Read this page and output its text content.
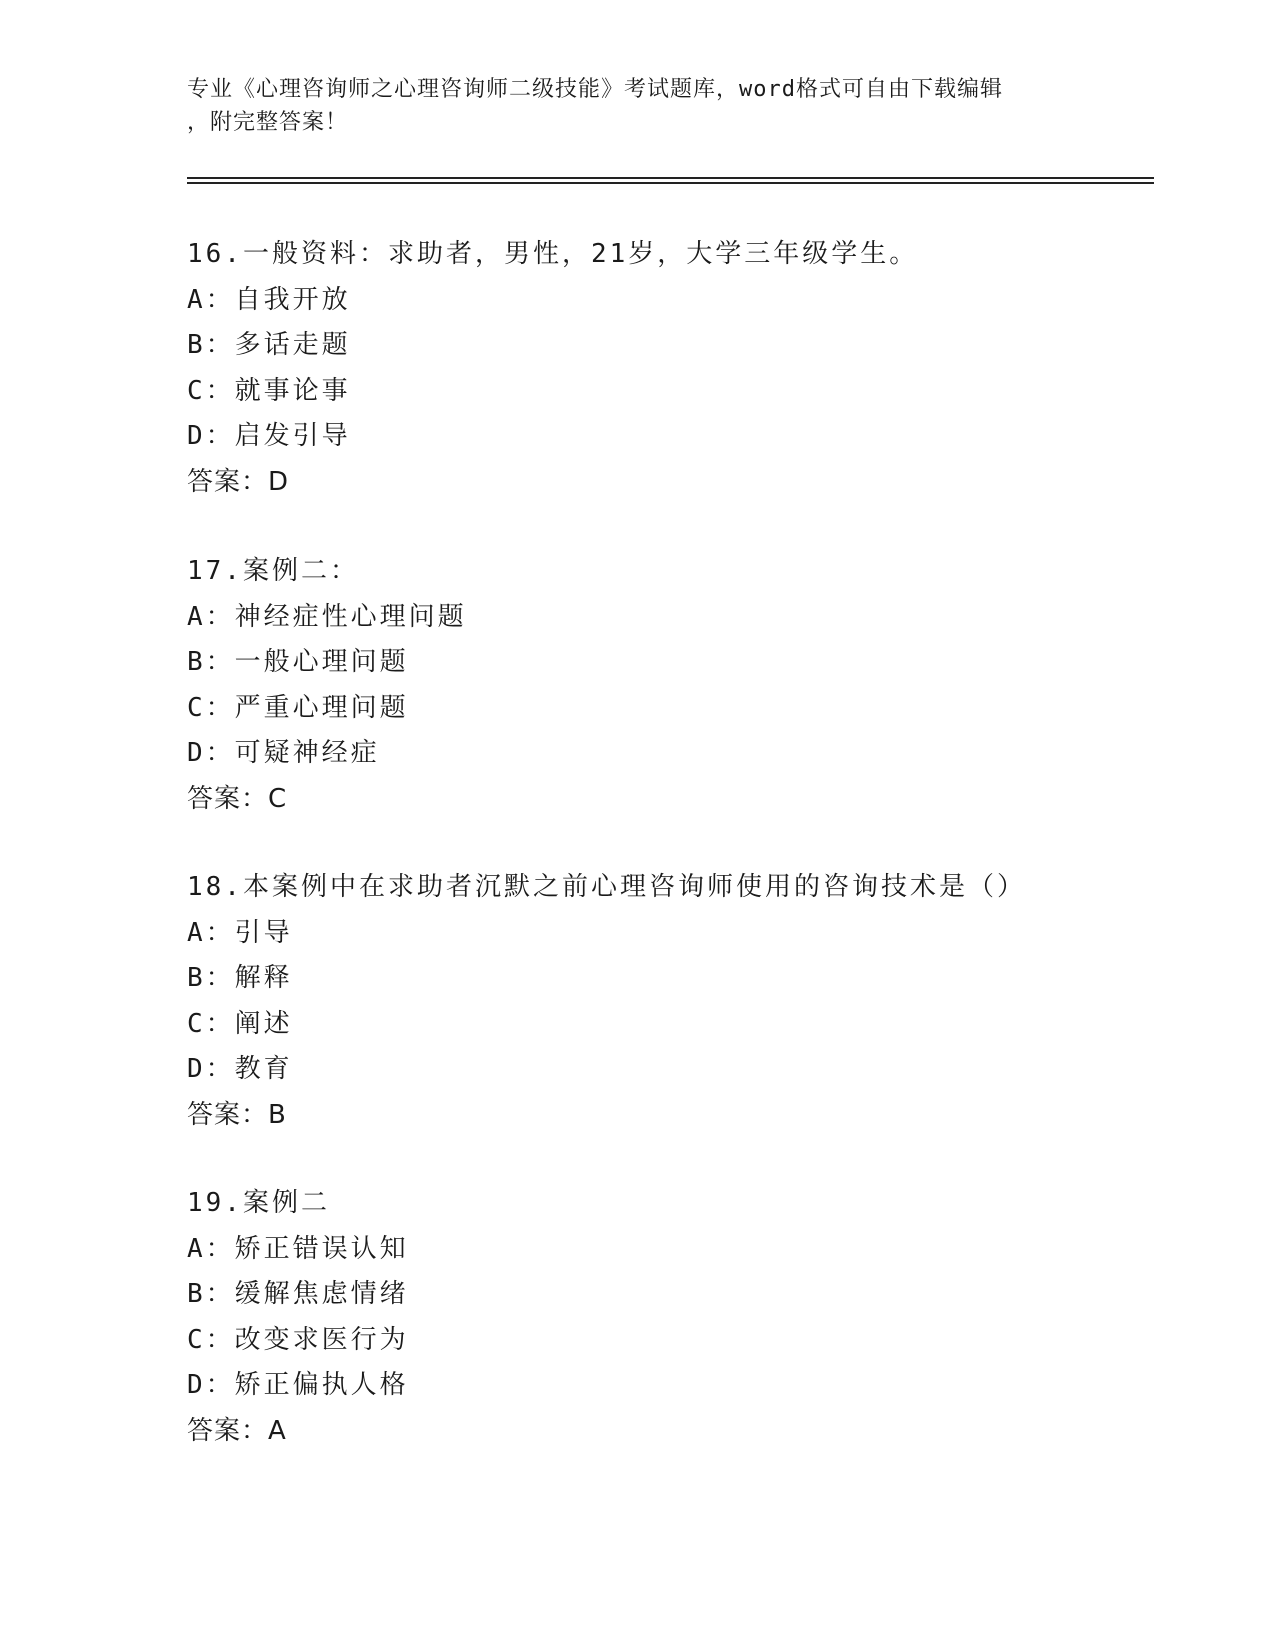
专业《心理咨询师之心理咨询师二级技能》考试题库，word格式可自由下载编辑
，附完整答案！
16.一般资料：求助者，男性，21岁，大学三年级学生。
A：自我开放
B：多话走题
C：就事论事
D：启发引导
答案：D
17.案例二：
A：神经症性心理问题
B：一般心理问题
C：严重心理问题
D：可疑神经症
答案：C
18.本案例中在求助者沉默之前心理咨询师使用的咨询技术是（）
A：引导
B：解释
C：阐述
D：教育
答案：B
19.案例二
A：矫正错误认知
B：缓解焦虑情绪
C：改变求医行为
D：矫正偏执人格
答案：A
